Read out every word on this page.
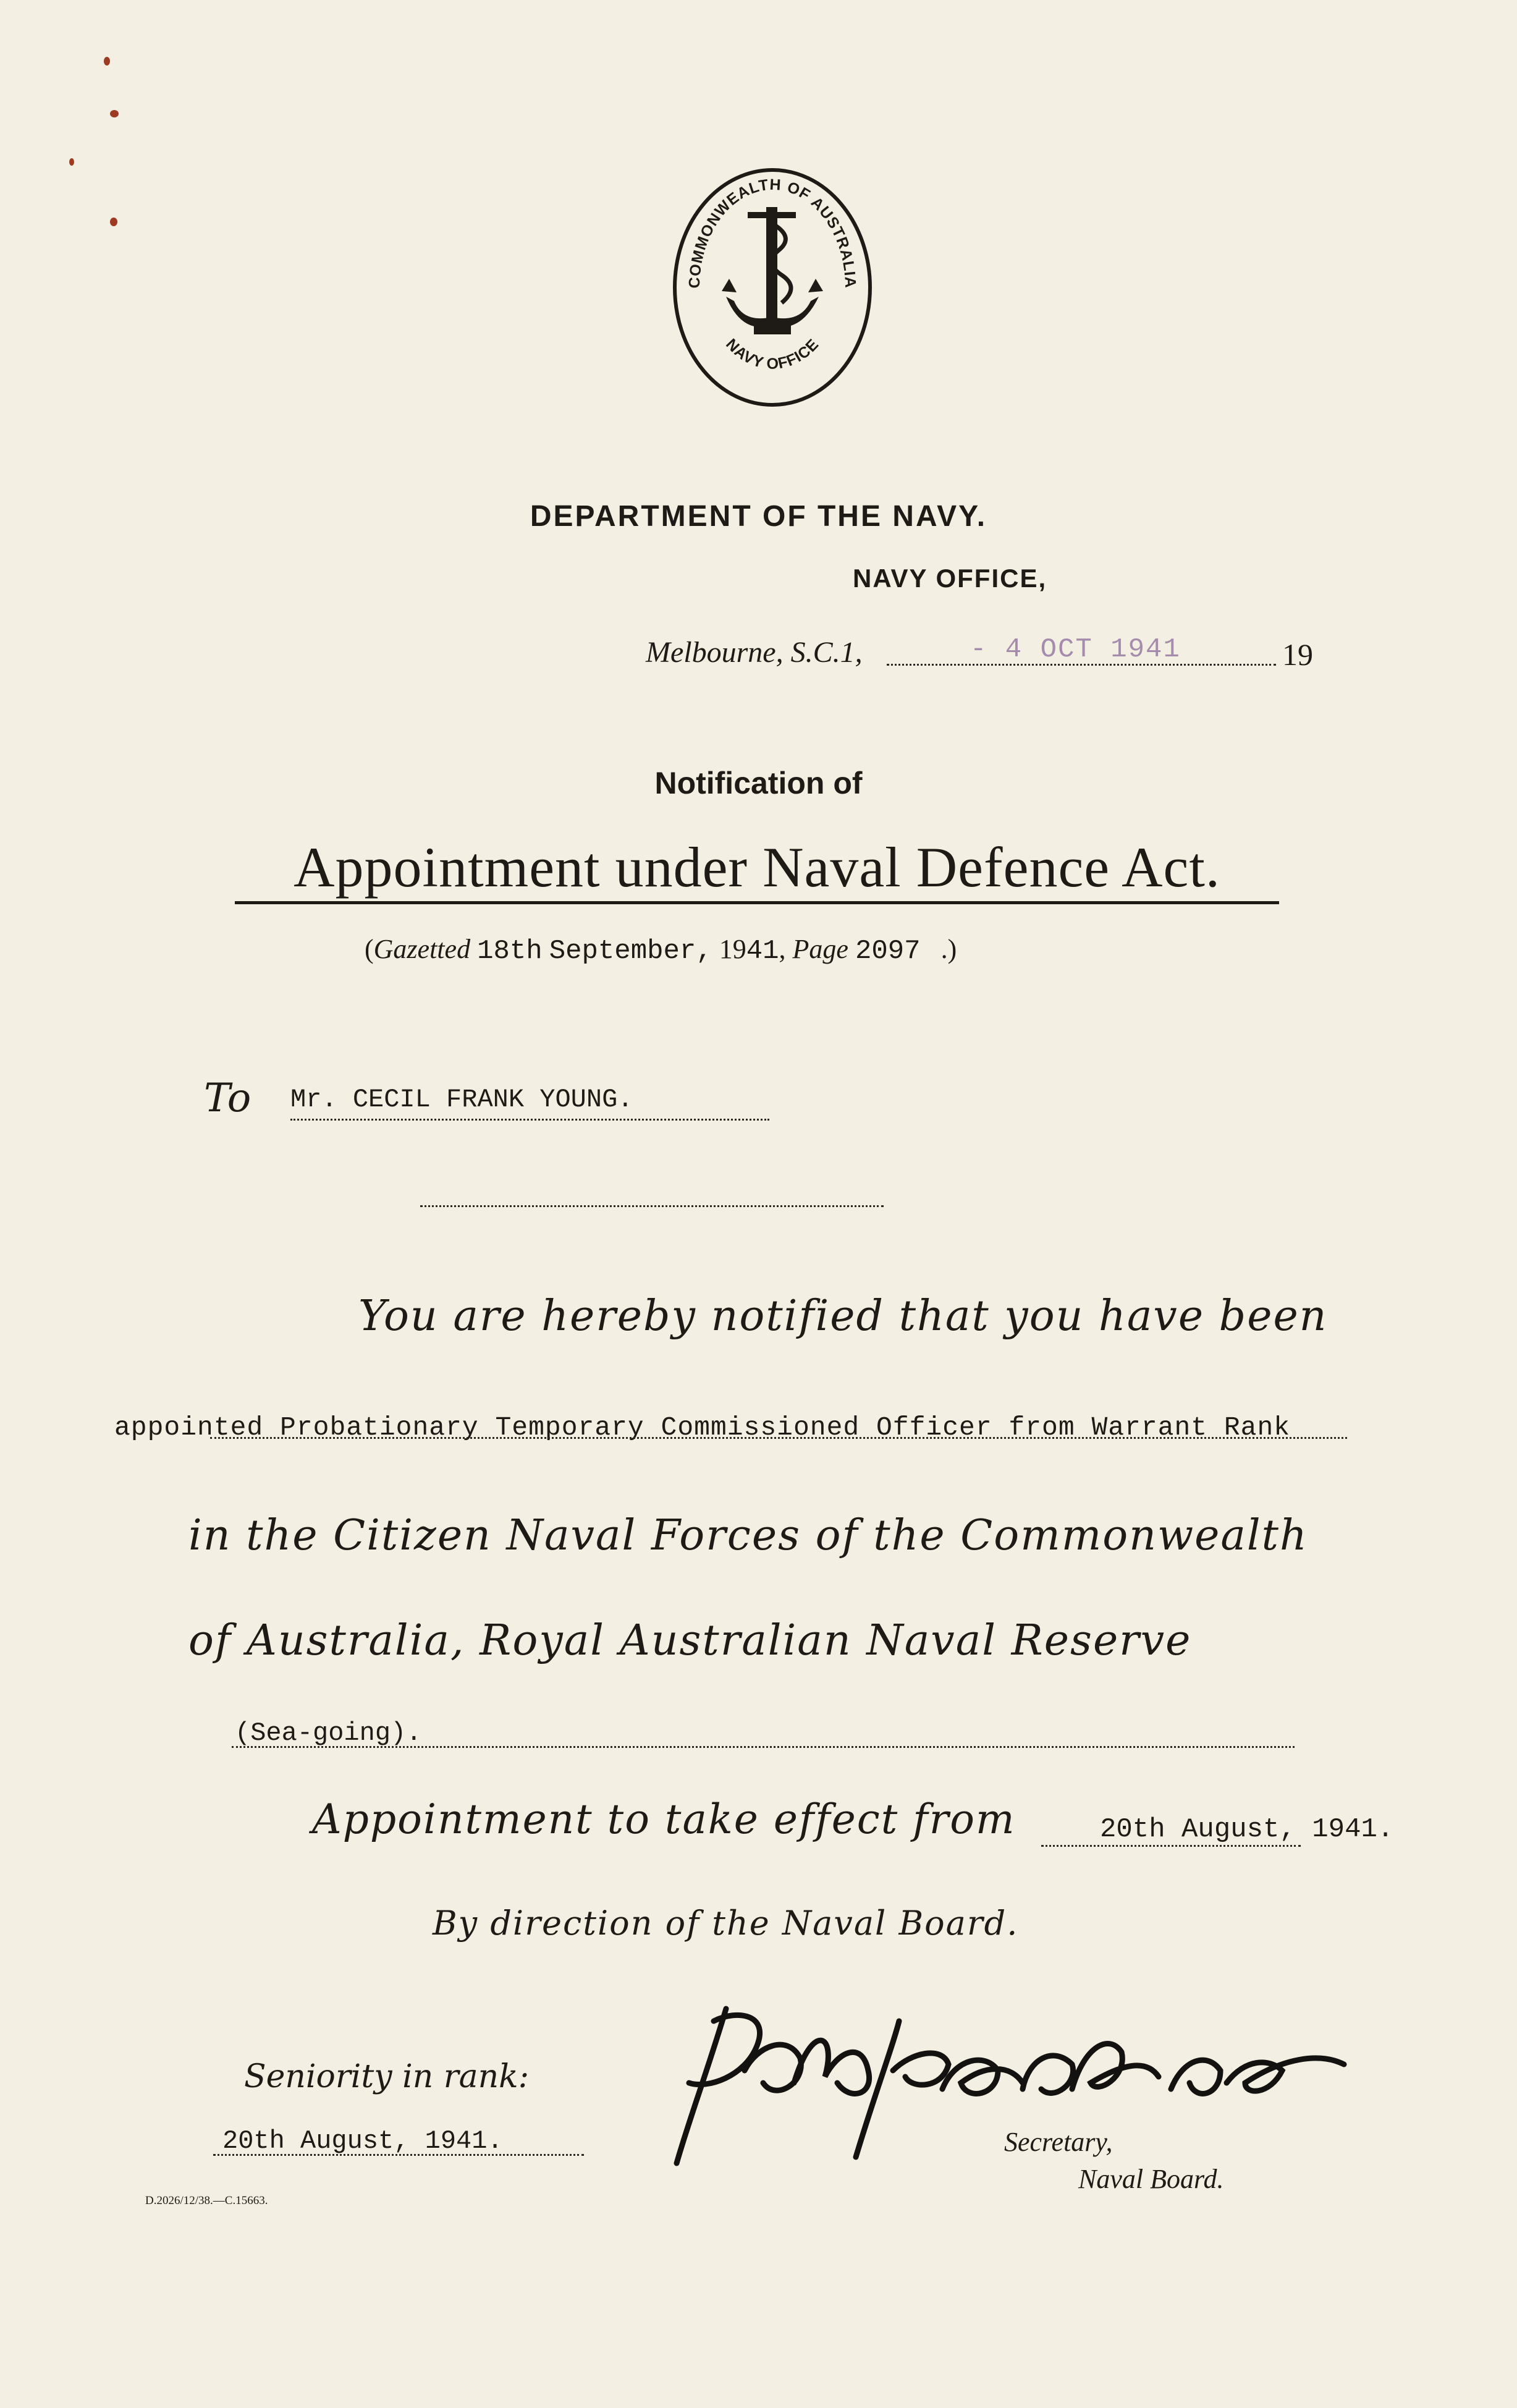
COMMONWEALTH OF AUSTRALIA
NAVY OFFICE
DEPARTMENT OF THE NAVY.
NAVY OFFICE,
Melbourne, S.C.1,	- 4 OCT 1941	19
Notification of
Appointment under Naval Defence Act.
(Gazetted 18th September, 1941, Page 2097 .)
To Mr. CECIL FRANK YOUNG.
You are hereby notified that you have been
appointed Probationary Temporary Commissioned Officer from Warrant Rank
in the Citizen Naval Forces of the Commonwealth
of Australia, Royal Australian Naval Reserve
(Sea-going).
Appointment to take effect from	20th August, 1941.
By direction of the Naval Board.
Seniority in rank:
20th August, 1941.	Secretary,
Naval Board.
D.2026/12/38.—C.15663.
